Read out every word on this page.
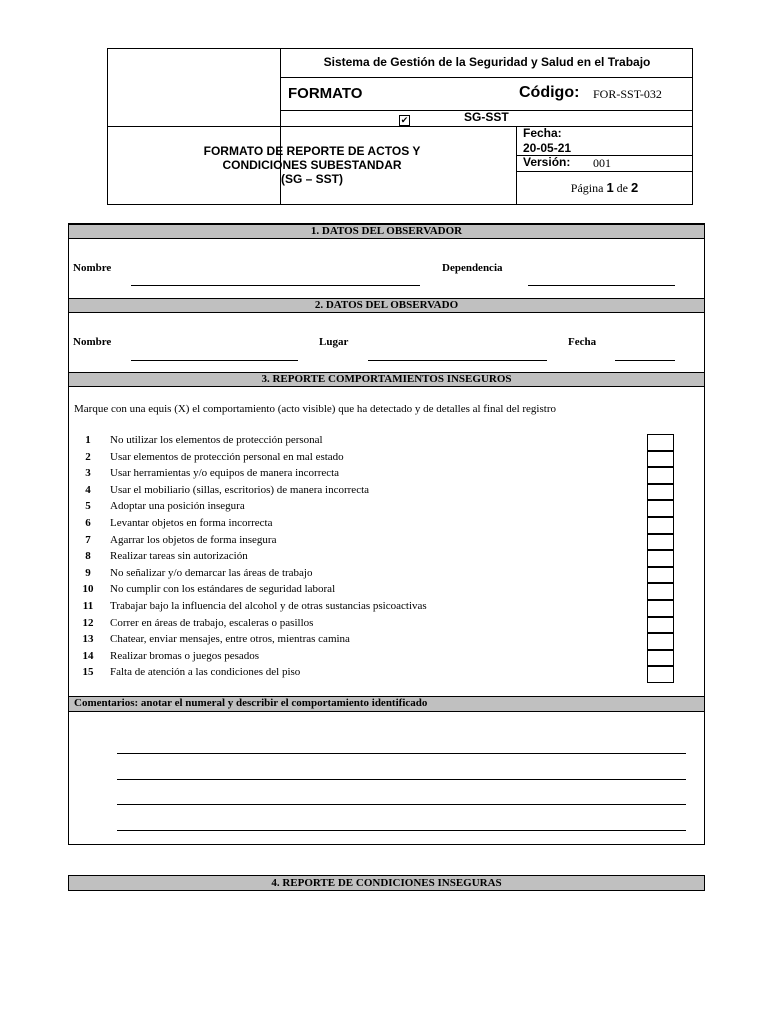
Sistema de Gestión de la Seguridad y Salud en el Trabajo
FORMATO	Código: FOR-SST-032
✔	SG-SST
FORMATO DE REPORTE DE ACTOS Y
CONDICIONES SUBESTANDAR
(SG – SST)
Fecha:
20-05-21
Versión: 001
Página 1 de 2
1. DATOS DEL OBSERVADOR
Nombre	Dependencia
2. DATOS DEL OBSERVADO
Nombre	Lugar	Fecha
3. REPORTE COMPORTAMIENTOS INSEGUROS
Marque con una equis (X) el comportamiento (acto visible) que ha detectado y de detalles al final del registro
1	No utilizar los elementos de protección personal
2	Usar elementos de protección personal en mal estado
3	Usar herramientas y/o equipos de manera incorrecta
4	Usar el mobiliario (sillas, escritorios) de manera incorrecta
5	Adoptar una posición insegura
6	Levantar objetos en forma incorrecta
7	Agarrar los objetos de forma insegura
8	Realizar tareas sin autorización
9	No señalizar y/o demarcar las áreas de trabajo
10 No cumplir con los estándares de seguridad laboral
11 Trabajar bajo la influencia del alcohol y de otras sustancias psicoactivas
12 Correr en áreas de trabajo, escaleras o pasillos
13 Chatear, enviar mensajes, entre otros, mientras camina
14 Realizar bromas o juegos pesados
15 Falta de atención a las condiciones del piso
Comentarios: anotar el numeral y describir el comportamiento identificado
4. REPORTE DE CONDICIONES INSEGURAS
